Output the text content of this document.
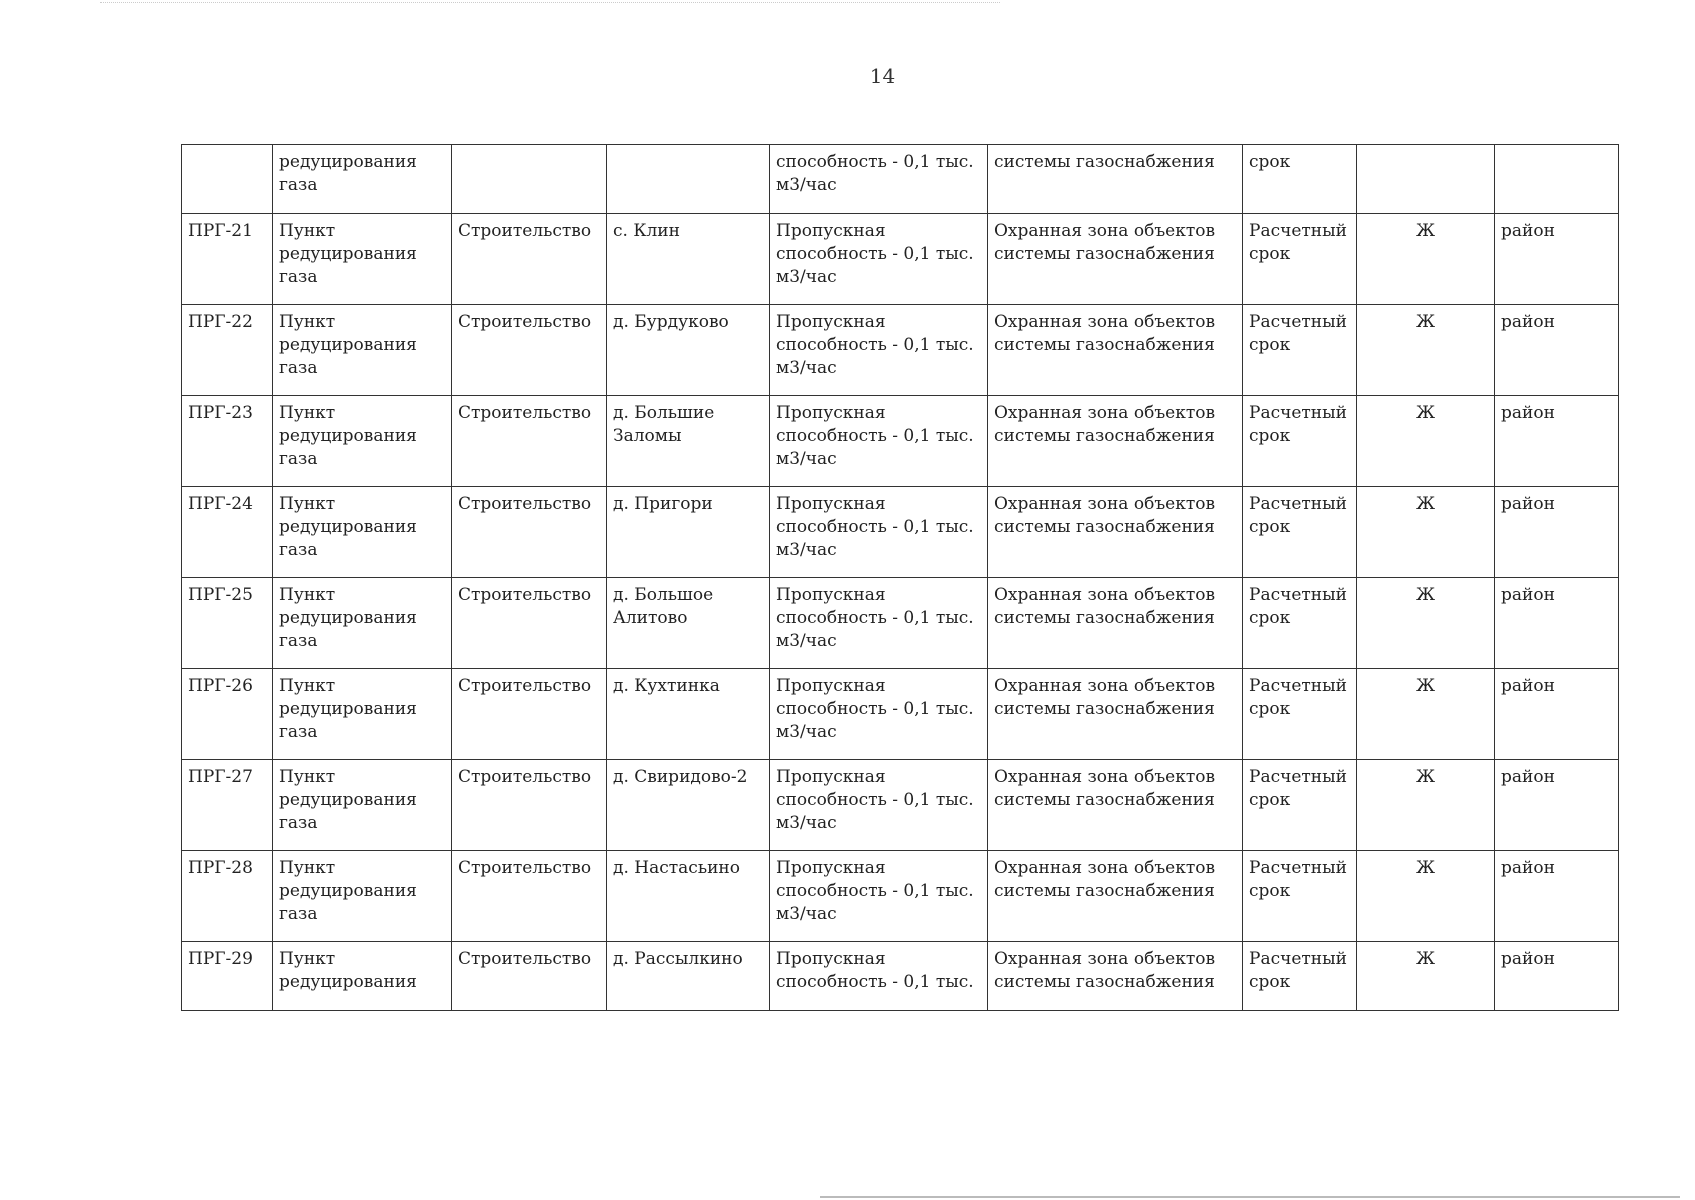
14
	редуцирования газа			способность - 0,1 тыс. м3/час	системы газоснабжения	срок		
ПРГ-21	Пункт редуцирования газа	Строительство	с. Клин	Пропускная способность - 0,1 тыс. м3/час	Охранная зона объектов системы газоснабжения	Расчетный срок	Ж	район
ПРГ-22	Пункт редуцирования газа	Строительство	д. Бурдуково	Пропускная способность - 0,1 тыс. м3/час	Охранная зона объектов системы газоснабжения	Расчетный срок	Ж	район
ПРГ-23	Пункт редуцирования газа	Строительство	д. Большие Заломы	Пропускная способность - 0,1 тыс. м3/час	Охранная зона объектов системы газоснабжения	Расчетный срок	Ж	район
ПРГ-24	Пункт редуцирования газа	Строительство	д. Пригори	Пропускная способность - 0,1 тыс. м3/час	Охранная зона объектов системы газоснабжения	Расчетный срок	Ж	район
ПРГ-25	Пункт редуцирования газа	Строительство	д. Большое Алитово	Пропускная способность - 0,1 тыс. м3/час	Охранная зона объектов системы газоснабжения	Расчетный срок	Ж	район
ПРГ-26	Пункт редуцирования газа	Строительство	д. Кухтинка	Пропускная способность - 0,1 тыс. м3/час	Охранная зона объектов системы газоснабжения	Расчетный срок	Ж	район
ПРГ-27	Пункт редуцирования газа	Строительство	д. Свиридово-2	Пропускная способность - 0,1 тыс. м3/час	Охранная зона объектов системы газоснабжения	Расчетный срок	Ж	район
ПРГ-28	Пункт редуцирования газа	Строительство	д. Настасьино	Пропускная способность - 0,1 тыс. м3/час	Охранная зона объектов системы газоснабжения	Расчетный срок	Ж	район
ПРГ-29	Пункт редуцирования	Строительство	д. Рассылкино	Пропускная способность - 0,1 тыс.	Охранная зона объектов системы газоснабжения	Расчетный срок	Ж	район
